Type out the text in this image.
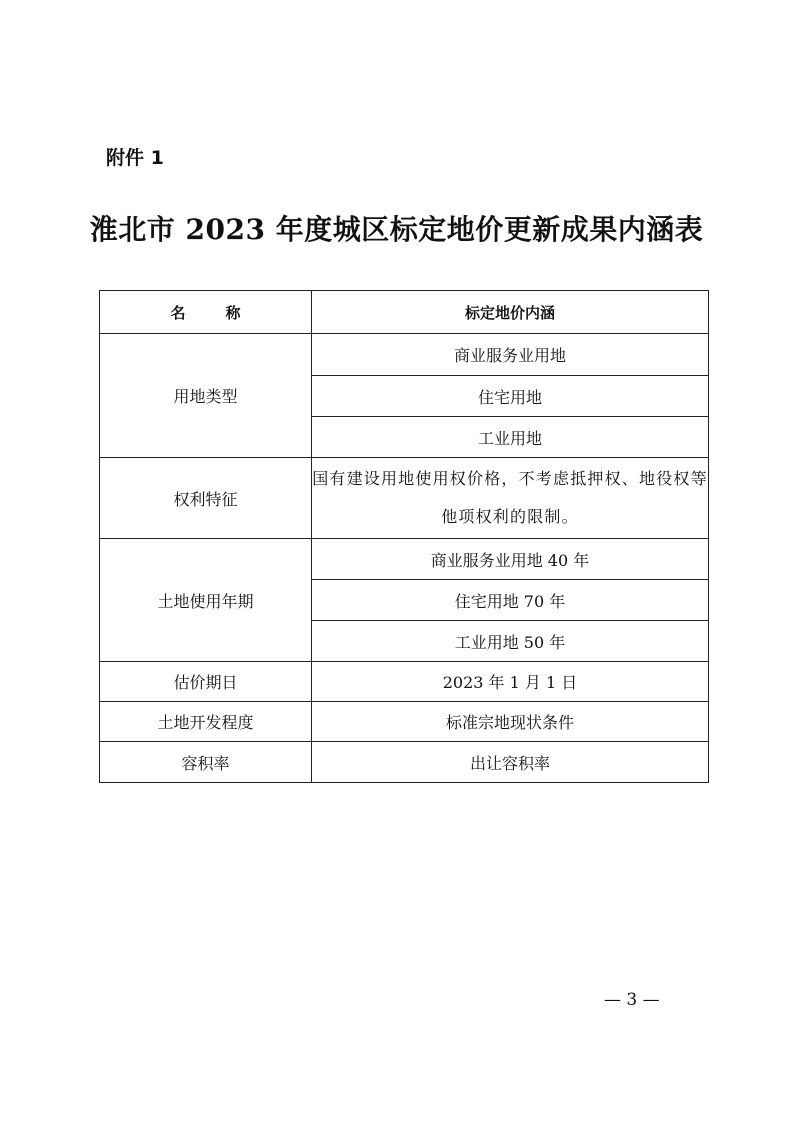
附件 1
淮北市 2023 年度城区标定地价更新成果内涵表
名称	标定地价内涵
用地类型	商业服务业用地
	住宅用地
	工业用地
权利特征	国有建设用地使用权价格，不考虑抵押权、地役权等他项权利的限制。
土地使用年期	商业服务业用地 40 年
	住宅用地 70 年
	工业用地 50 年
估价期日	2023 年 1 月 1 日
土地开发程度	标准宗地现状条件
容积率	出让容积率
— 3 —
